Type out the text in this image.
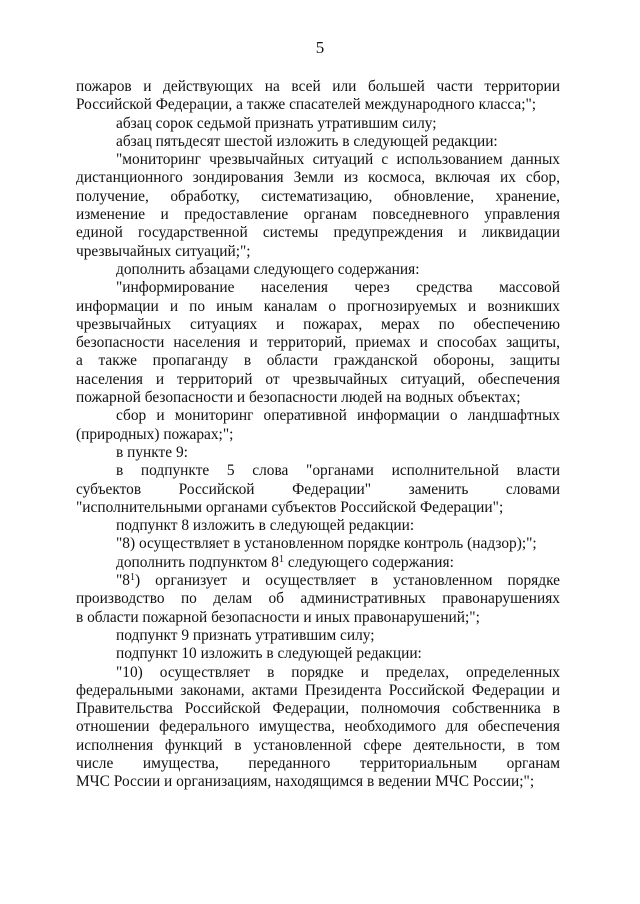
5
пожаров и действующих на всей или большей части территории
Российской Федерации, а также спасателей международного класса;";
абзац сорок седьмой признать утратившим силу;
абзац пятьдесят шестой изложить в следующей редакции:
"мониторинг чрезвычайных ситуаций с использованием данных
дистанционного зондирования Земли из космоса, включая их сбор,
получение, обработку, систематизацию, обновление, хранение,
изменение и предоставление органам повседневного управления
единой государственной системы предупреждения и ликвидации
чрезвычайных ситуаций;";
дополнить абзацами следующего содержания:
"информирование населения через средства массовой
информации и по иным каналам о прогнозируемых и возникших
чрезвычайных ситуациях и пожарах, мерах по обеспечению
безопасности населения и территорий, приемах и способах защиты,
а также пропаганду в области гражданской обороны, защиты
населения и территорий от чрезвычайных ситуаций, обеспечения
пожарной безопасности и безопасности людей на водных объектах;
сбор и мониторинг оперативной информации о ландшафтных
(природных) пожарах;";
в пункте 9:
в подпункте 5 слова "органами исполнительной власти
субъектов Российской Федерации" заменить словами
"исполнительными органами субъектов Российской Федерации";
подпункт 8 изложить в следующей редакции:
"8) осуществляет в установленном порядке контроль (надзор);";
дополнить подпунктом $8^1$ следующего содержания:
"$8^1$) организует и осуществляет в установленном порядке
производство по делам об административных правонарушениях
в области пожарной безопасности и иных правонарушений;";
подпункт 9 признать утратившим силу;
подпункт 10 изложить в следующей редакции:
"10) осуществляет в порядке и пределах, определенных
федеральными законами, актами Президента Российской Федерации и
Правительства Российской Федерации, полномочия собственника в
отношении федерального имущества, необходимого для обеспечения
исполнения функций в установленной сфере деятельности, в том
числе имущества, переданного территориальным органам
МЧС России и организациям, находящимся в ведении МЧС России;";
